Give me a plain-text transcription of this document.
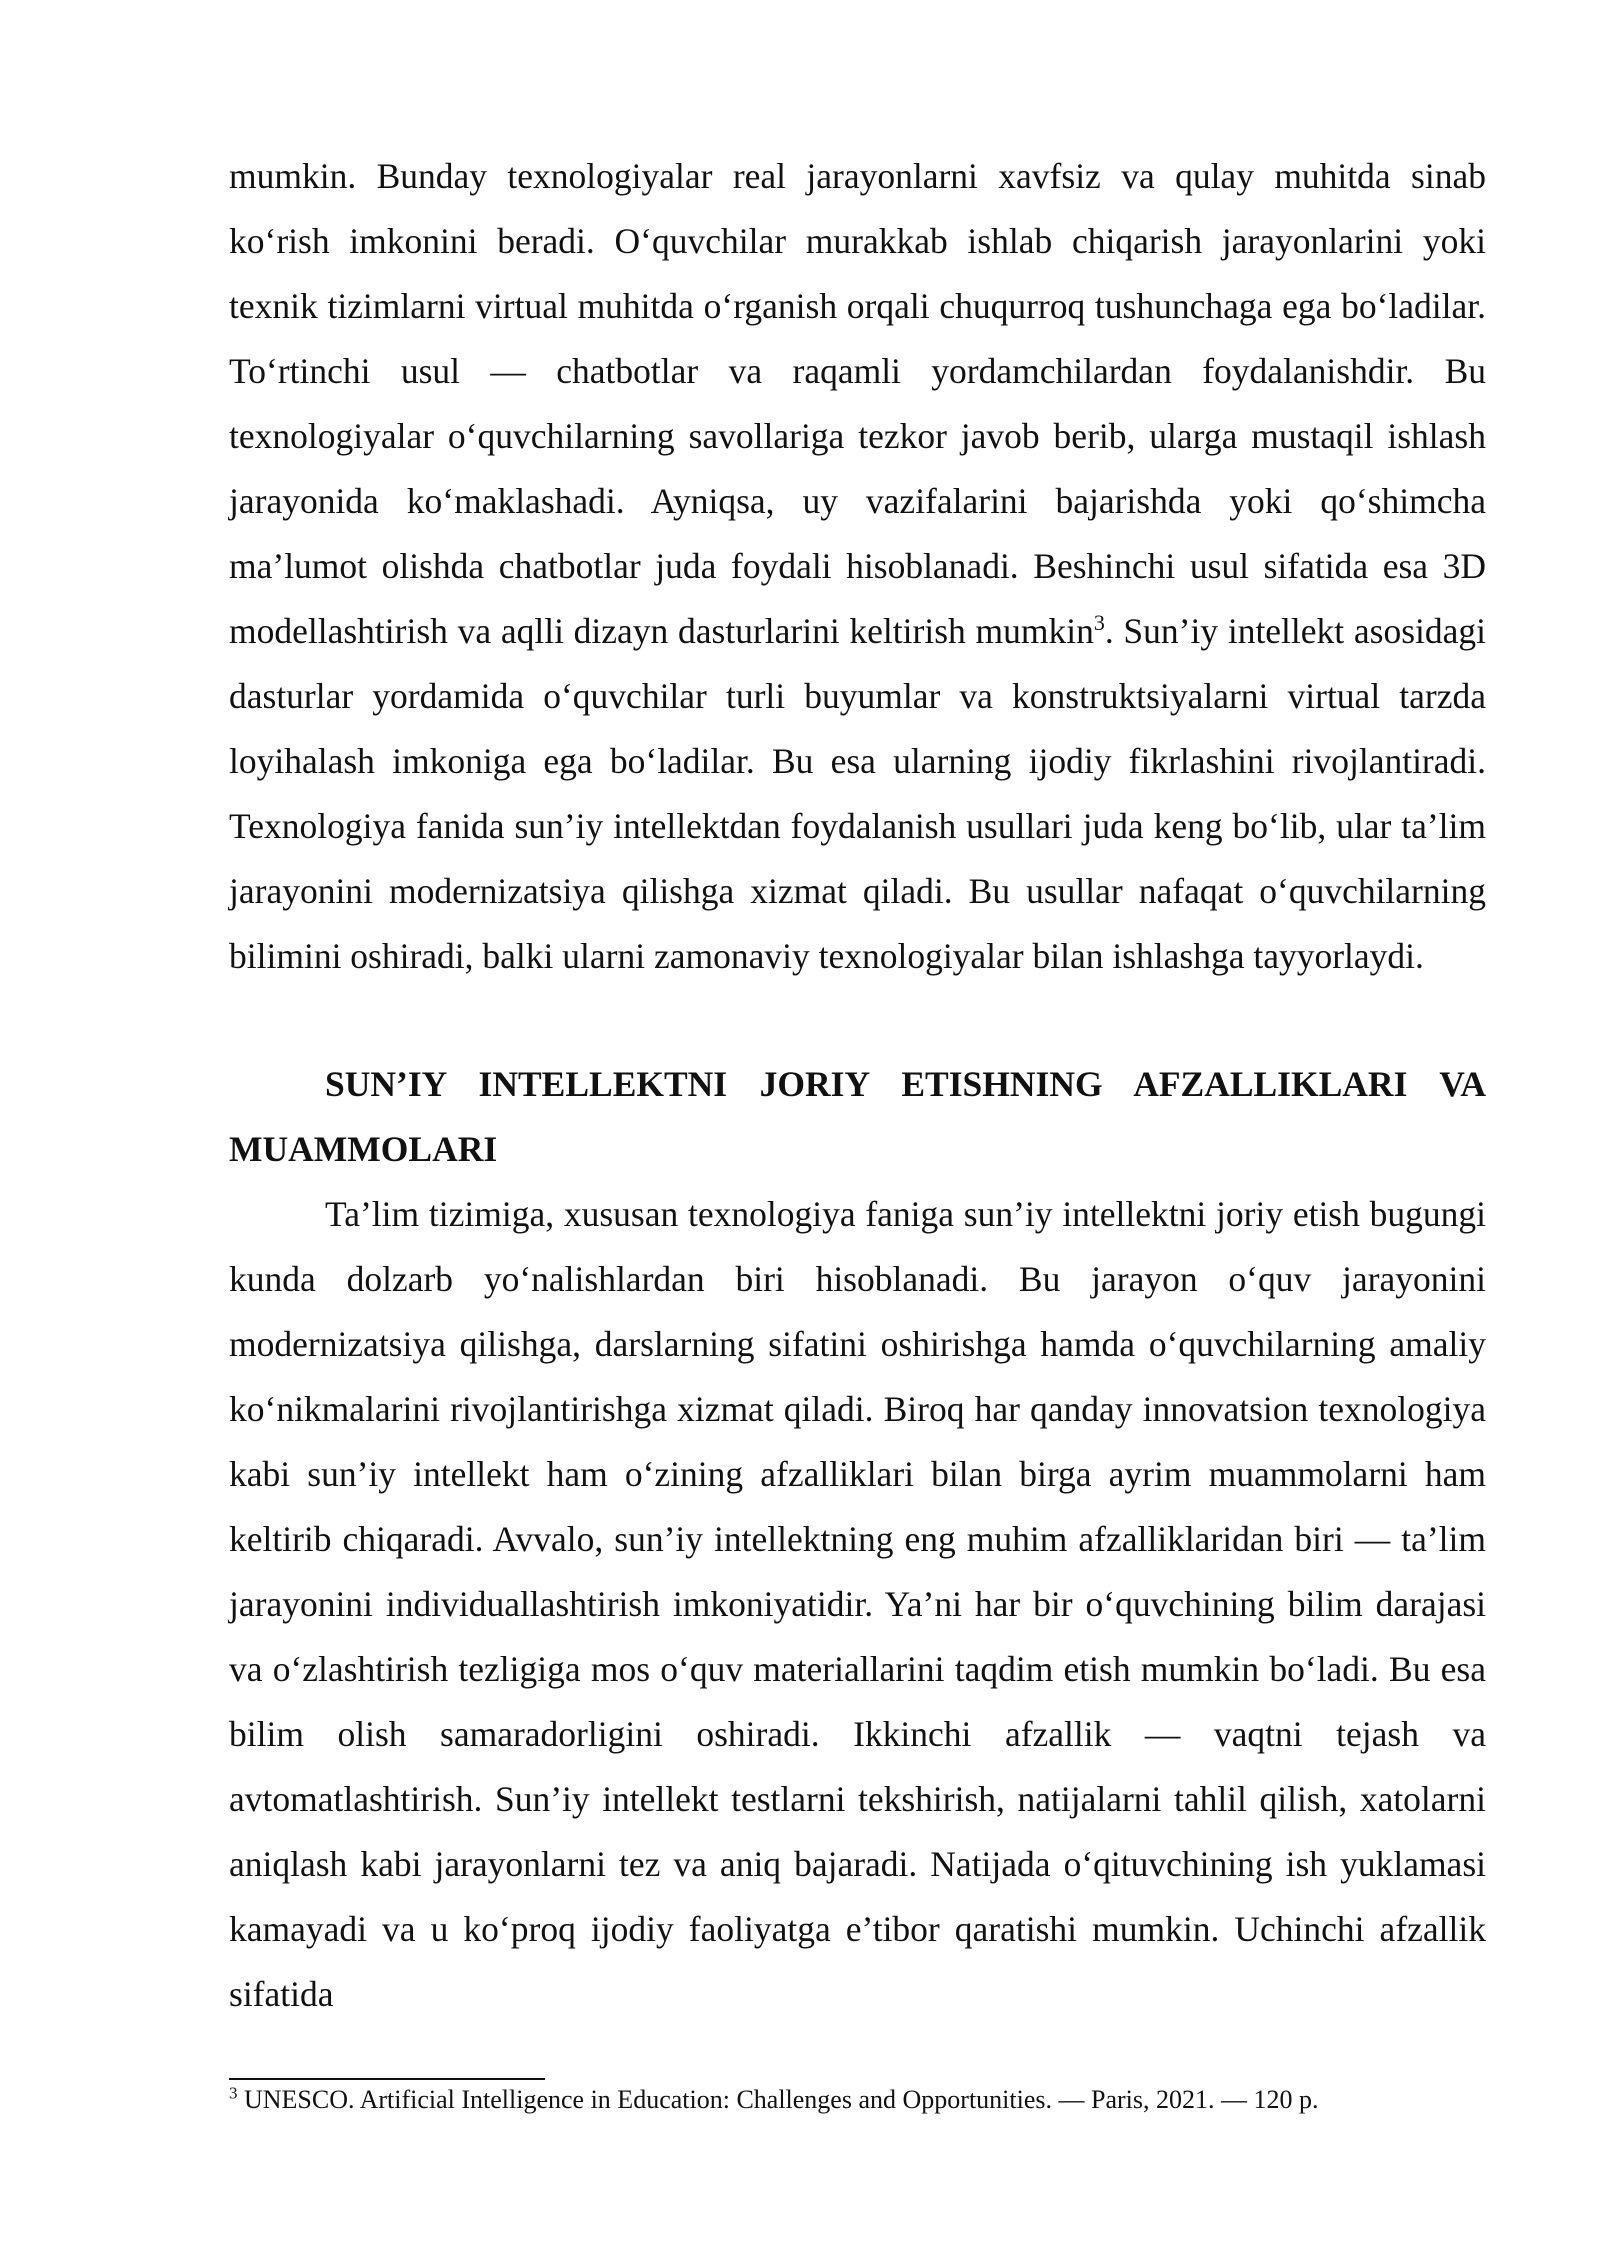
mumkin. Bunday texnologiyalar real jarayonlarni xavfsiz va qulay muhitda sinab ko‘rish imkonini beradi. O‘quvchilar murakkab ishlab chiqarish jarayonlarini yoki texnik tizimlarni virtual muhitda o‘rganish orqali chuqurroq tushunchaga ega bo‘ladilar. To‘rtinchi usul — chatbotlar va raqamli yordamchilardan foydalanishdir. Bu texnologiyalar o‘quvchilarning savollariga tezkor javob berib, ularga mustaqil ishlash jarayonida ko‘maklashadi. Ayniqsa, uy vazifalarini bajarishda yoki qo‘shimcha ma’lumot olishda chatbotlar juda foydali hisoblanadi. Beshinchi usul sifatida esa 3D modellashtirish va aqlli dizayn dasturlarini keltirish mumkin$^3$. Sun’iy intellekt asosidagi dasturlar yordamida o‘quvchilar turli buyumlar va konstruktsiyalarni virtual tarzda loyihalash imkoniga ega bo‘ladilar. Bu esa ularning ijodiy fikrlashini rivojlantiradi. Texnologiya fanida sun’iy intellektdan foydalanish usullari juda keng bo‘lib, ular ta’lim jarayonini modernizatsiya qilishga xizmat qiladi. Bu usullar nafaqat o‘quvchilarning bilimini oshiradi, balki ularni zamonaviy texnologiyalar bilan ishlashga tayyorlaydi.

SUN’IY INTELLEKTNI JORIY ETISHNING AFZALLIKLARI VA MUAMMOLARI

Ta’lim tizimiga, xususan texnologiya faniga sun’iy intellektni joriy etish bugungi kunda dolzarb yo‘nalishlardan biri hisoblanadi. Bu jarayon o‘quv jarayonini modernizatsiya qilishga, darslarning sifatini oshirishga hamda o‘quvchilarning amaliy ko‘nikmalarini rivojlantirishga xizmat qiladi. Biroq har qanday innovatsion texnologiya kabi sun’iy intellekt ham o‘zining afzalliklari bilan birga ayrim muammolarni ham keltirib chiqaradi. Avvalo, sun’iy intellektning eng muhim afzalliklaridan biri — ta’lim jarayonini individuallashtirish imkoniyatidir. Ya’ni har bir o‘quvchining bilim darajasi va o‘zlashtirish tezligiga mos o‘quv materiallarini taqdim etish mumkin bo‘ladi. Bu esa bilim olish samaradorligini oshiradi. Ikkinchi afzallik — vaqtni tejash va avtomatlashtirish. Sun’iy intellekt testlarni tekshirish, natijalarni tahlil qilish, xatolarni aniqlash kabi jarayonlarni tez va aniq bajaradi. Natijada o‘qituvchining ish yuklamasi kamayadi va u ko‘proq ijodiy faoliyatga e’tibor qaratishi mumkin. Uchinchi afzallik sifatida

$^3$ UNESCO. Artificial Intelligence in Education: Challenges and Opportunities. — Paris, 2021. — 120 p.
